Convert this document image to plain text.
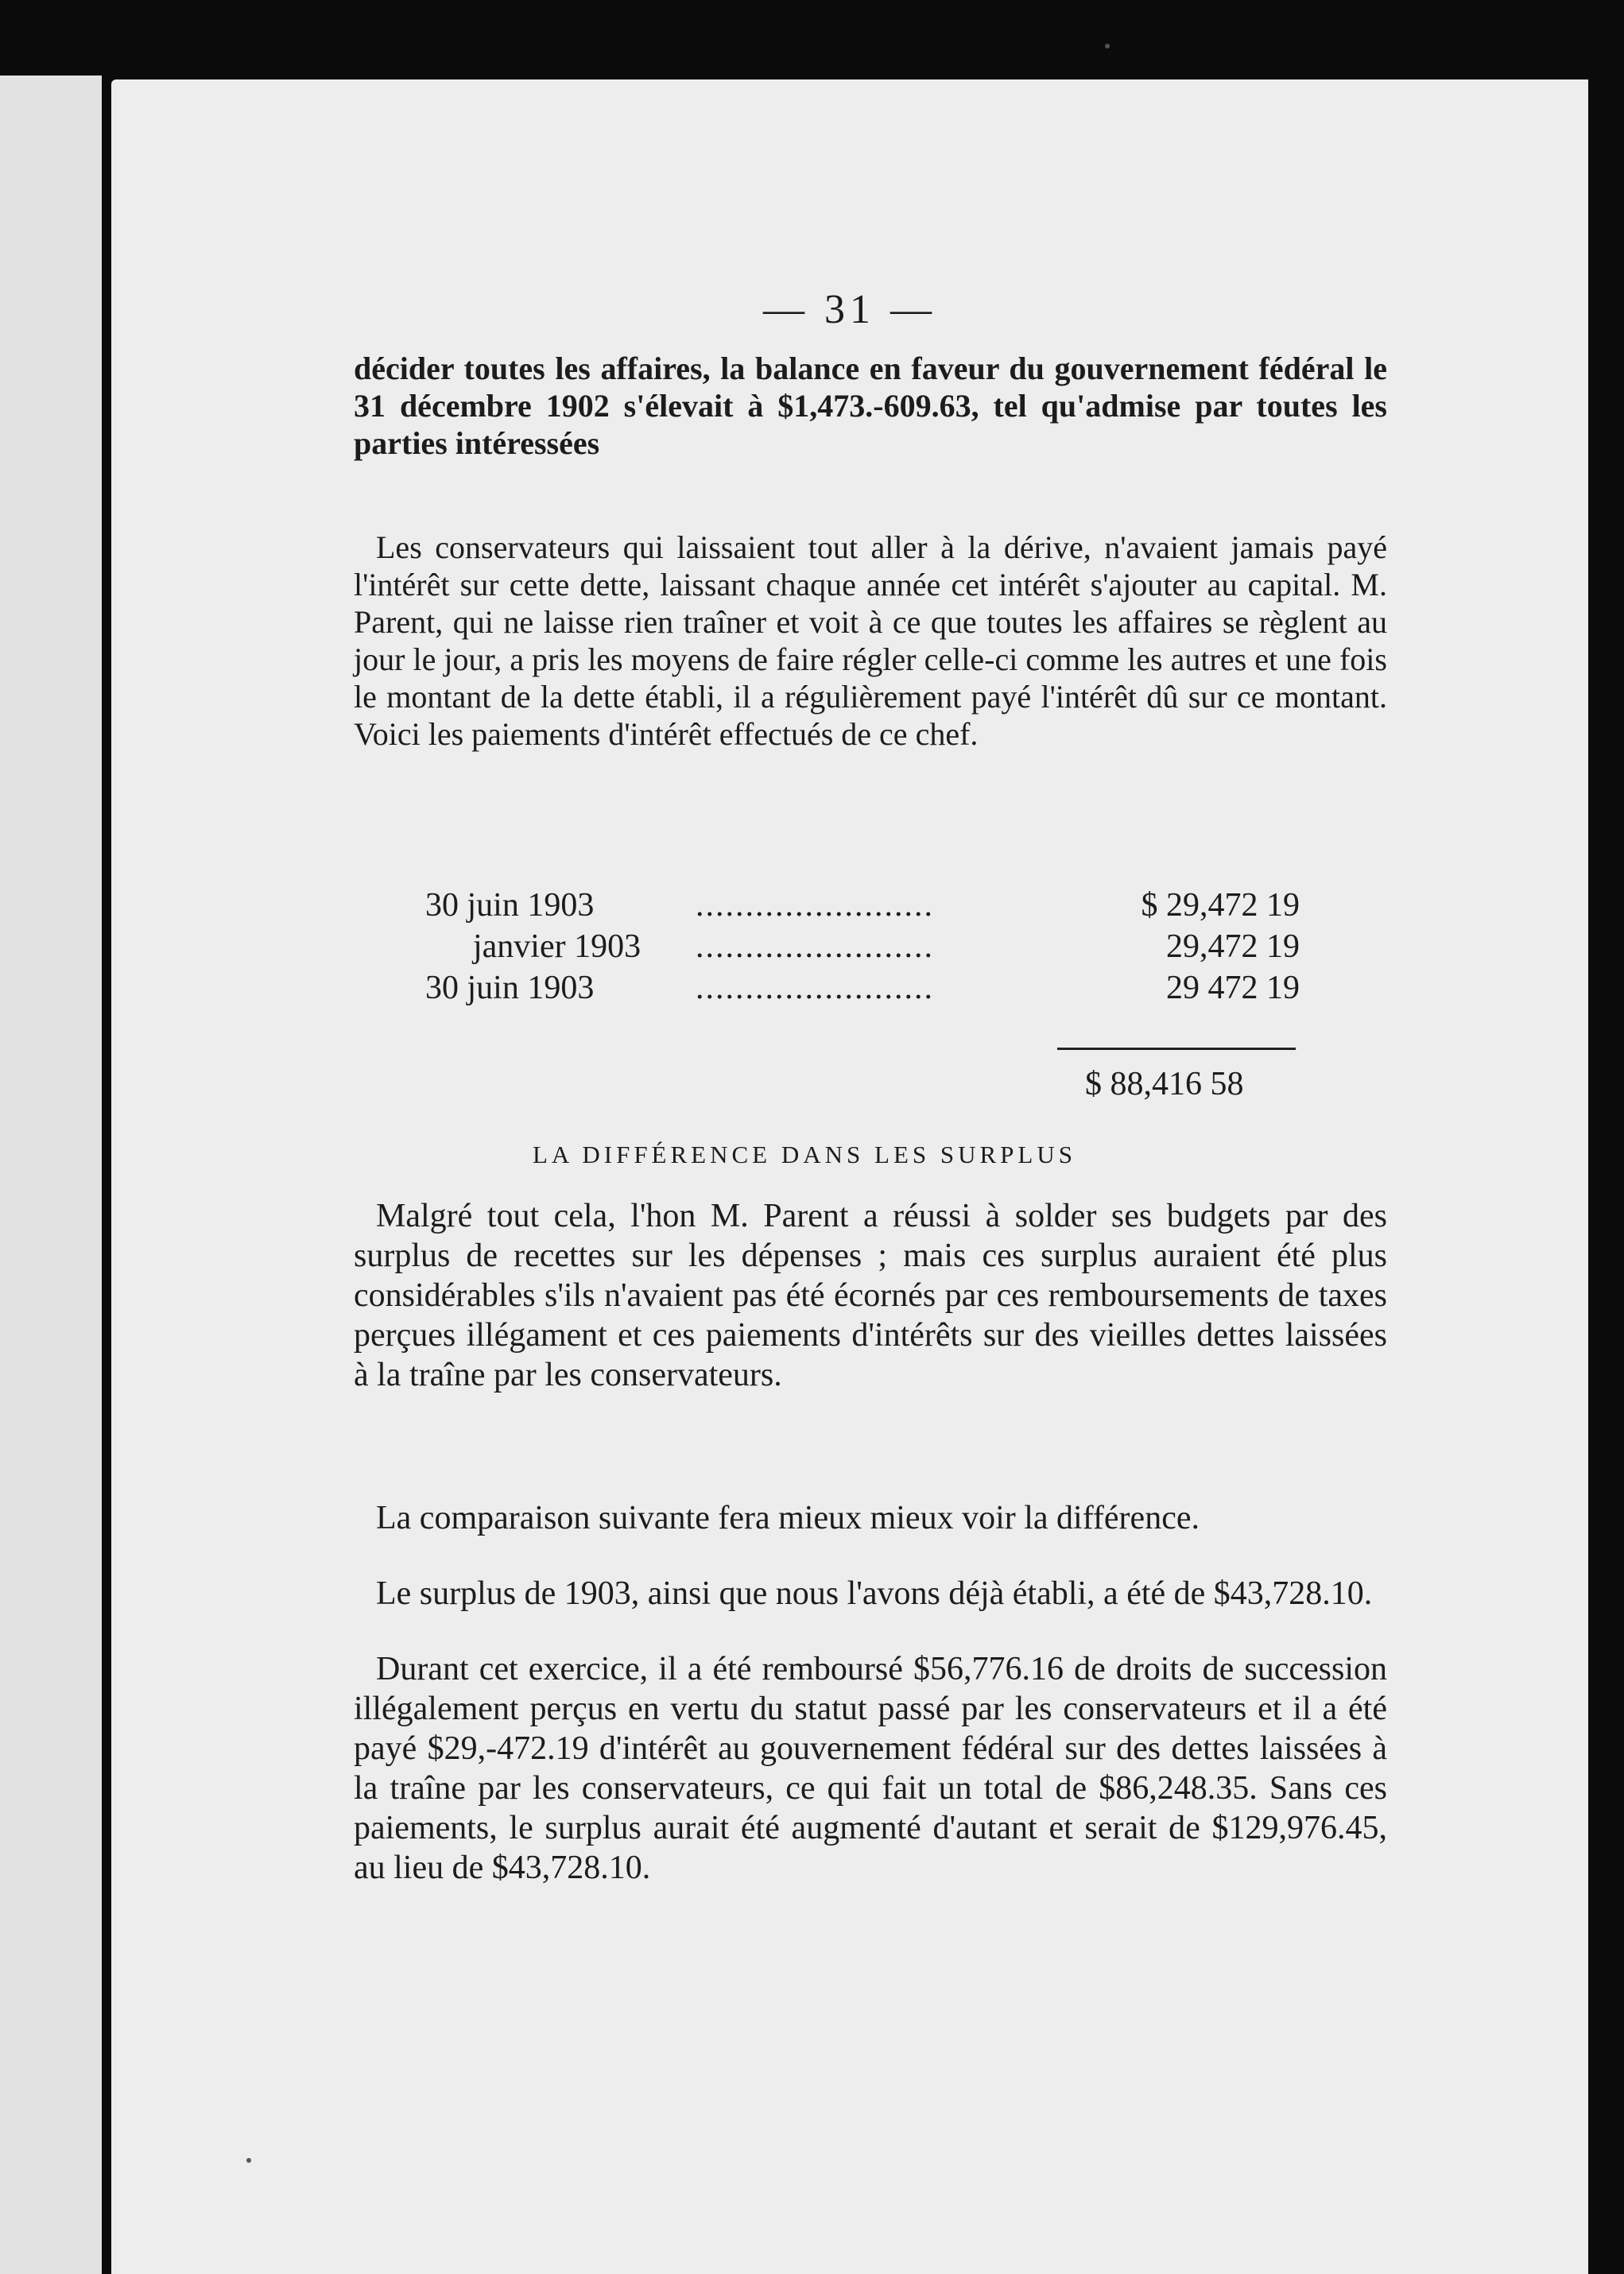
— 31 —

décider toutes les affaires, la balance en faveur du gouvernement fédéral le 31 décembre 1902 s'élevait à $1,473.-609.63, tel qu'admise par toutes les parties intéressées

Les conservateurs qui laissaient tout aller à la dérive, n'avaient jamais payé l'intérêt sur cette dette, laissant chaque année cet intérêt s'ajouter au capital. M. Parent, qui ne laisse rien traîner et voit à ce que toutes les affaires se règlent au jour le jour, a pris les moyens de faire régler celle-ci comme les autres et une fois le montant de la dette établi, il a régulièrement payé l'intérêt dû sur ce montant. Voici les paiements d'intérêt effectués de ce chef.

30 juin 1903	........................	$ 29,472 19
janvier 1903 ........................	29,472 19
30 juin 1903	........................	29 472 19
$ 88,416 58
LA DIFFÉRENCE DANS LES SURPLUS

Malgré tout cela, l'hon M. Parent a réussi à solder ses budgets par des surplus de recettes sur les dépenses ; mais ces surplus auraient été plus considérables s'ils n'avaient pas été écornés par ces remboursements de taxes perçues illégament et ces paiements d'intérêts sur des vieilles dettes laissées à la traîne par les conservateurs.

La comparaison suivante fera mieux mieux voir la différence.

Le surplus de 1903, ainsi que nous l'avons déjà établi, a été de $43,728.10.

Durant cet exercice, il a été remboursé $56,776.16 de droits de succession illégalement perçus en vertu du statut passé par les conservateurs et il a été payé $29,-472.19 d'intérêt au gouvernement fédéral sur des dettes laissées à la traîne par les conservateurs, ce qui fait un total de $86,248.35. Sans ces paiements, le surplus aurait été augmenté d'autant et serait de $129,976.45, au lieu de $43,728.10.
